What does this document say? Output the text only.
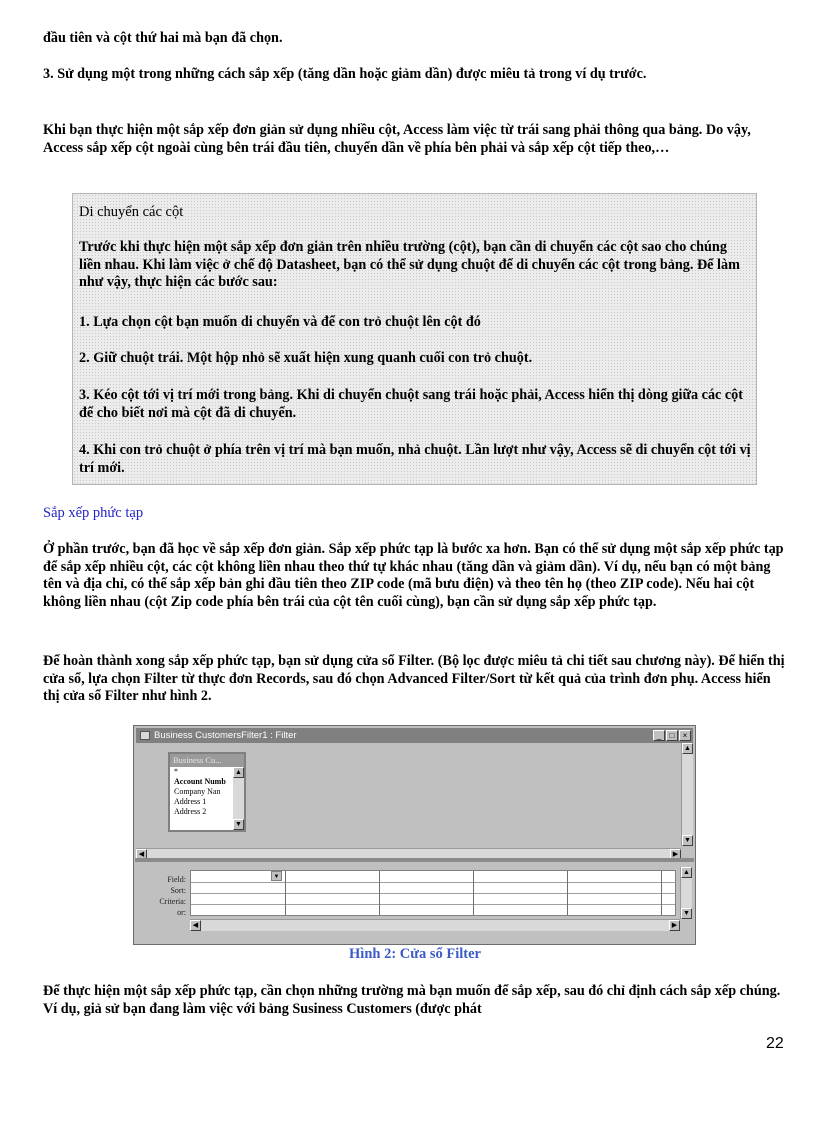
đầu tiên và cột thứ hai mà bạn đã chọn.

3. Sử dụng một trong những cách sắp xếp (tăng dần hoặc giảm dần) được miêu tả trong ví dụ trước.

Khi bạn thực hiện một sắp xếp đơn giản sử dụng nhiều cột, Access làm việc từ trái sang phải thông qua bảng. Do vậy, Access sắp xếp cột ngoài cùng bên trái đầu tiên, chuyển dần về phía bên phải và sắp xếp cột tiếp theo,…

Di chuyển các cột

Trước khi thực hiện một sắp xếp đơn giản trên nhiều trường (cột), bạn cần di chuyển các cột sao cho chúng liền nhau. Khi làm việc ở chế độ Datasheet, bạn có thể sử dụng chuột để di chuyển các cột trong bảng. Để làm như vậy, thực hiện các bước sau:

1. Lựa chọn cột bạn muốn di chuyển và để con trỏ chuột lên cột đó

2. Giữ chuột trái. Một hộp nhỏ sẽ xuất hiện xung quanh cuối con trỏ chuột.

3. Kéo cột tới vị trí mới trong bảng. Khi di chuyển chuột sang trái hoặc phải, Access hiển thị dòng giữa các cột để cho biết nơi mà cột đã di chuyển.

4. Khi con trỏ chuột ở phía trên vị trí mà bạn muốn, nhả chuột. Lần lượt như vậy, Access sẽ di chuyển cột tới vị trí mới.

Sắp xếp phức tạp

Ở phần trước, bạn đã học về sắp xếp đơn giản. Sắp xếp phức tạp là bước xa hơn. Bạn có thể sử dụng một sắp xếp phức tạp để sắp xếp nhiều cột, các cột không liền nhau theo thứ tự khác nhau (tăng dần và giảm dần). Ví dụ, nếu bạn có một bảng tên và địa chỉ, có thể sắp xếp bản ghi đầu tiên theo ZIP code (mã bưu điện) và theo tên họ (theo ZIP code). Nếu hai cột không liền nhau (cột Zip code phía bên trái của cột tên cuối cùng), bạn cần sử dụng sắp xếp phức tạp.

Để hoàn thành xong sắp xếp phức tạp, bạn sử dụng cửa sổ Filter. (Bộ lọc được miêu tả chi tiết sau chương này). Để hiển thị cửa sổ, lựa chọn Filter từ thực đơn Records, sau đó chọn Advanced Filter/Sort từ kết quả của trình đơn phụ. Access hiển thị cửa sổ Filter như hình 2.

Business CustomersFilter1 : Filter	_	□	×
▲
▼
◀	▶
Business Cu...
*
Account Numb
Company Nan
Address 1
Address 2
▲
▼
Field:
Sort:
Criteria:
or:
▼
▲
▼
◀	▶

Hình 2: Cửa sổ Filter

Để thực hiện một sắp xếp phức tạp, cần chọn những trường mà bạn muốn để sắp xếp, sau đó chỉ định cách sắp xếp chúng. Ví dụ, giả sử bạn đang làm việc với bảng Susiness Customers (được phát

22
